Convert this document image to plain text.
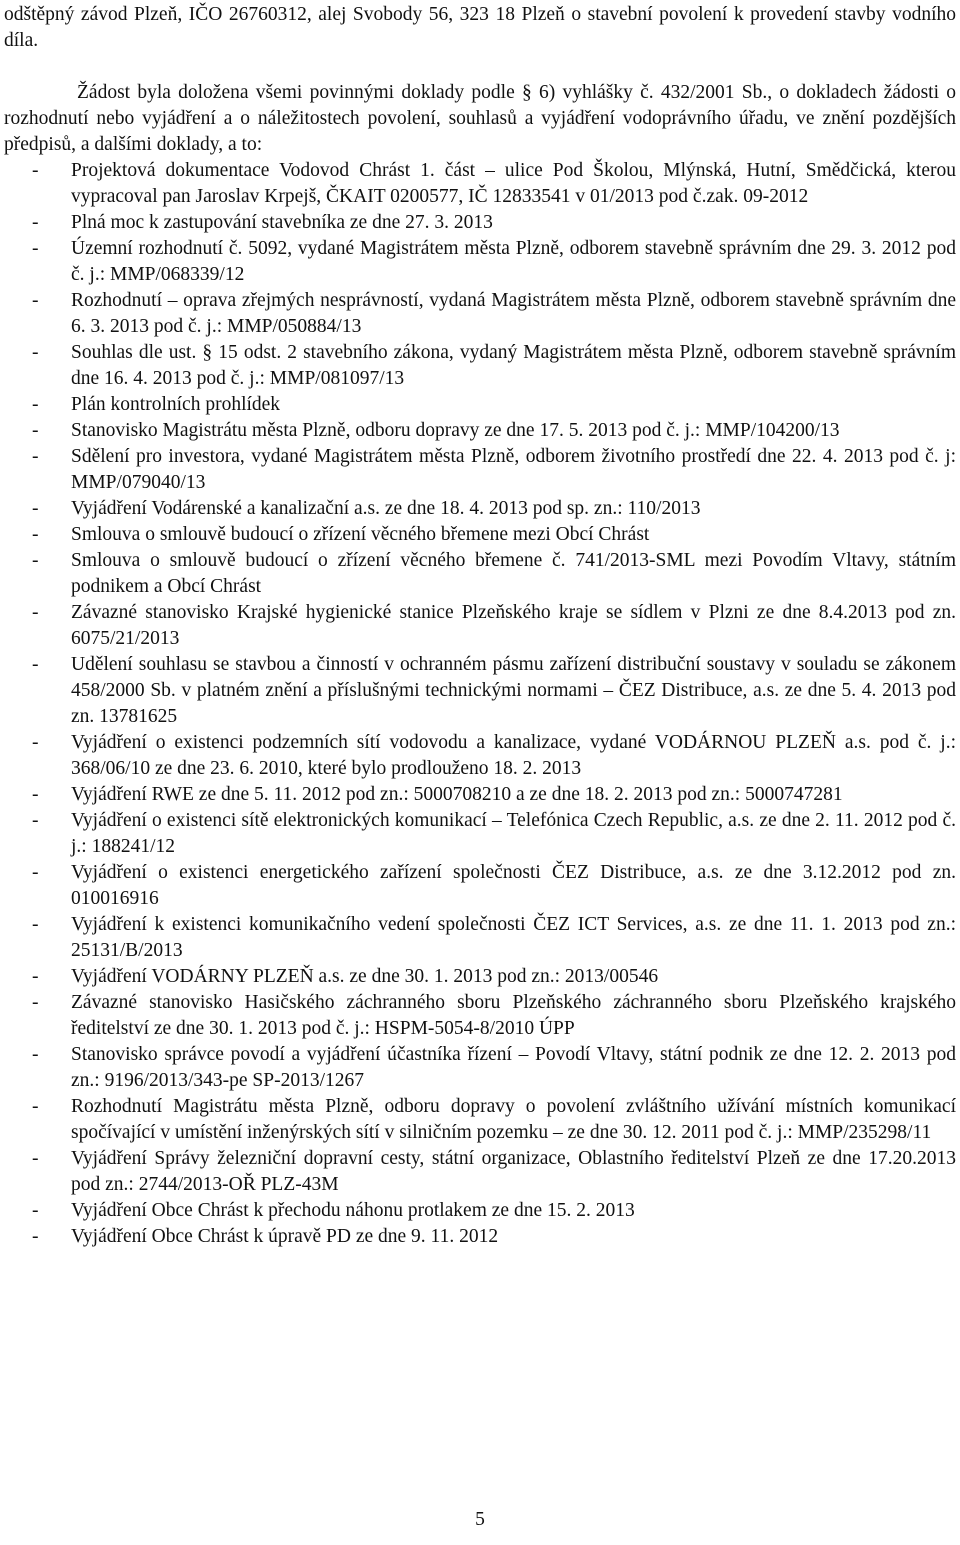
odštěpný závod Plzeň, IČO 26760312, alej Svobody 56, 323 18 Plzeň o stavební povolení k provedení stavby vodního díla.

Žádost byla doložena všemi povinnými doklady podle § 6) vyhlášky č. 432/2001 Sb., o dokladech žádosti o rozhodnutí nebo vyjádření a o náležitostech povolení, souhlasů a vyjádření vodoprávního úřadu, ve znění pozdějších předpisů, a dalšími doklady, a to:

- Projektová dokumentace Vodovod Chrást 1. část – ulice Pod Školou, Mlýnská, Hutní, Smědčická, kterou vypracoval pan Jaroslav Krpejš, ČKAIT 0200577, IČ 12833541 v 01/2013 pod č.zak. 09-2012
- Plná moc k zastupování stavebníka ze dne 27. 3. 2013
- Územní rozhodnutí č. 5092, vydané Magistrátem města Plzně, odborem stavebně správním dne 29. 3. 2012 pod č. j.: MMP/068339/12
- Rozhodnutí – oprava zřejmých nesprávností, vydaná Magistrátem města Plzně, odborem stavebně správním dne 6. 3. 2013 pod č. j.: MMP/050884/13
- Souhlas dle ust. § 15 odst. 2 stavebního zákona, vydaný Magistrátem města Plzně, odborem stavebně správním dne 16. 4. 2013 pod č. j.: MMP/081097/13
- Plán kontrolních prohlídek
- Stanovisko Magistrátu města Plzně, odboru dopravy ze dne 17. 5. 2013 pod č. j.: MMP/104200/13
- Sdělení pro investora, vydané Magistrátem města Plzně, odborem životního prostředí dne 22. 4. 2013 pod č. j: MMP/079040/13
- Vyjádření Vodárenské a kanalizační a.s. ze dne 18. 4. 2013 pod sp. zn.: 110/2013
- Smlouva o smlouvě budoucí o zřízení věcného břemene mezi Obcí Chrást
- Smlouva o smlouvě budoucí o zřízení věcného břemene č. 741/2013-SML mezi Povodím Vltavy, státním podnikem a Obcí Chrást
- Závazné stanovisko Krajské hygienické stanice Plzeňského kraje se sídlem v Plzni ze dne 8.4.2013 pod zn. 6075/21/2013
- Udělení souhlasu se stavbou a činností v ochranném pásmu zařízení distribuční soustavy v souladu se zákonem 458/2000 Sb. v platném znění a příslušnými technickými normami – ČEZ Distribuce, a.s. ze dne 5. 4. 2013 pod zn. 13781625
- Vyjádření o existenci podzemních sítí vodovodu a kanalizace, vydané VODÁRNOU PLZEŇ a.s. pod č. j.: 368/06/10 ze dne 23. 6. 2010, které bylo prodlouženo 18. 2. 2013
- Vyjádření RWE ze dne 5. 11. 2012 pod zn.: 5000708210 a ze dne 18. 2. 2013 pod zn.: 5000747281
- Vyjádření o existenci sítě elektronických komunikací – Telefónica Czech Republic, a.s. ze dne 2. 11. 2012 pod č. j.: 188241/12
- Vyjádření o existenci energetického zařízení společnosti ČEZ Distribuce, a.s. ze dne 3.12.2012 pod zn. 010016916
- Vyjádření k existenci komunikačního vedení společnosti ČEZ ICT Services, a.s. ze dne 11. 1. 2013 pod zn.: 25131/B/2013
- Vyjádření VODÁRNY PLZEŇ a.s. ze dne 30. 1. 2013 pod zn.: 2013/00546
- Závazné stanovisko Hasičského záchranného sboru Plzeňského záchranného sboru Plzeňského krajského ředitelství ze dne 30. 1. 2013 pod č. j.: HSPM-5054-8/2010 ÚPP
- Stanovisko správce povodí a vyjádření účastníka řízení – Povodí Vltavy, státní podnik ze dne 12. 2. 2013 pod zn.: 9196/2013/343-pe SP-2013/1267
- Rozhodnutí Magistrátu města Plzně, odboru dopravy o povolení zvláštního užívání místních komunikací spočívající v umístění inženýrských sítí v silničním pozemku – ze dne 30. 12. 2011 pod č. j.: MMP/235298/11
- Vyjádření Správy železniční dopravní cesty, státní organizace, Oblastního ředitelství Plzeň ze dne 17.20.2013 pod zn.: 2744/2013-OŘ PLZ-43M
- Vyjádření Obce Chrást k přechodu náhonu protlakem ze dne 15. 2. 2013
- Vyjádření Obce Chrást k úpravě PD ze dne 9. 11. 2012
5
